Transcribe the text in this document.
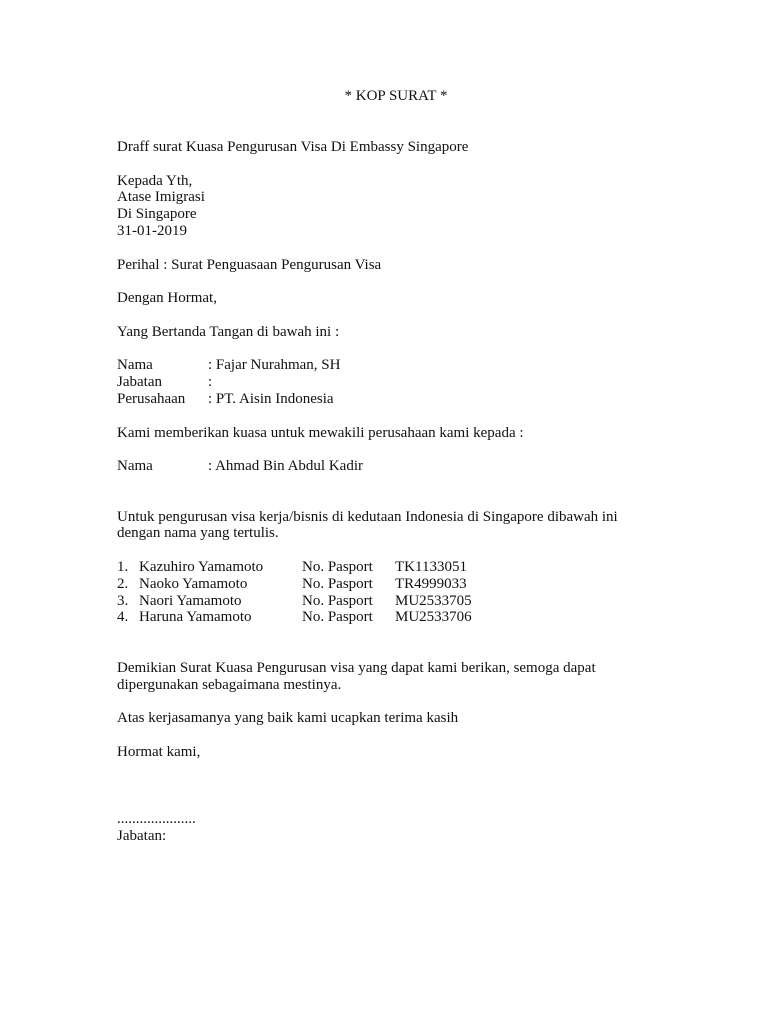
* KOP SURAT *
Draff surat Kuasa Pengurusan Visa Di Embassy Singapore
Kepada Yth,
Atase Imigrasi
Di Singapore
31-01-2019
Perihal : Surat Penguasaan Pengurusan Visa
Dengan Hormat,
Yang Bertanda Tangan di bawah ini :
Nama	: Fajar Nurahman, SH
Jabatan	:
Perusahaan	: PT. Aisin Indonesia
Kami memberikan kuasa untuk mewakili perusahaan kami kepada :
Nama	: Ahmad Bin Abdul Kadir
Untuk pengurusan visa kerja/bisnis di kedutaan Indonesia di Singapore dibawah ini dengan nama yang tertulis.
1. Kazuhiro Yamamoto	No. Pasport	TK1133051
2. Naoko Yamamoto	No. Pasport	TR4999033
3. Naori Yamamoto	No. Pasport	MU2533705
4. Haruna Yamamoto	No. Pasport	MU2533706
Demikian Surat Kuasa Pengurusan visa yang dapat kami berikan, semoga dapat dipergunakan sebagaimana mestinya.
Atas kerjasamanya yang baik kami ucapkan terima kasih
Hormat kami,
.....................
Jabatan:
